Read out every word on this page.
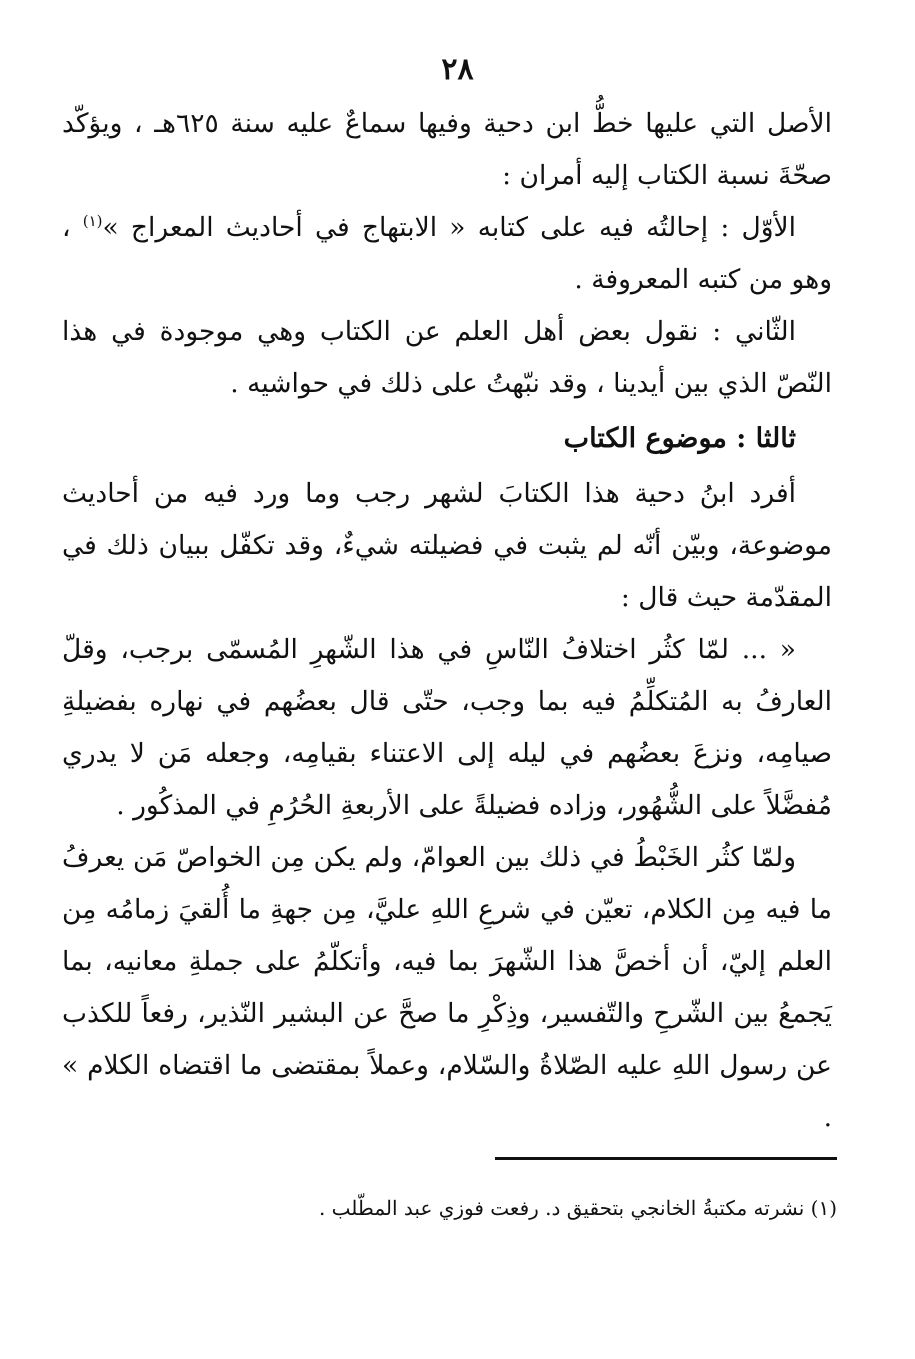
٢٨

الأصل التي عليها خطُّ ابن دحية وفيها سماعٌ عليه سنة ٦٢٥هـ ، ويؤكّد صحّةَ نسبة الكتاب إليه أمران :

الأوّل : إحالتُه فيه على كتابه « الابتهاج في أحاديث المعراج »$^{(١)}$ ، وهو من كتبه المعروفة .

الثّاني : نقول بعض أهل العلم عن الكتاب وهي موجودة في هذا النّصّ الذي بين أيدينا ، وقد نبّهتُ على ذلك في حواشيه .

ثالثا : موضوع الكتاب

أفرد ابنُ دحية هذا الكتابَ لشهر رجب وما ورد فيه من أحاديث موضوعة، وبيّن أنّه لم يثبت في فضيلته شيءٌ، وقد تكفّل ببيان ذلك في المقدّمة حيث قال :

« ... لمّا كثُر اختلافُ النّاسِ في هذا الشّهرِ المُسمّى برجب، وقلّ العارفُ به المُتكلِّمُ فيه بما وجب، حتّى قال بعضُهم في نهاره بفضيلةِ صيامِه، ونزعَ بعضُهم في ليله إلى الاعتناء بقيامِه، وجعله مَن لا يدري مُفضَّلاً على الشُّهُور، وزاده فضيلةً على الأربعةِ الحُرُمِ في المذكُور .

ولمّا كثُر الخَبْطُ في ذلك بين العوامّ، ولم يكن مِن الخواصّ مَن يعرفُ ما فيه مِن الكلام، تعيّن في شرعِ اللهِ عليَّ، مِن جهةِ ما أُلقيَ زمامُه مِن العلم إليّ، أن أخصَّ هذا الشّهرَ بما فيه، وأتكلّمُ على جملةِ معانيه، بما يَجمعُ بين الشّرحِ والتّفسير، وذِكْرِ ما صحَّ عن البشير النّذير، رفعاً للكذب عن رسول اللهِ عليه الصّلاةُ والسّلام، وعملاً بمقتضى ما اقتضاه الكلام » .

(١) نشرته مكتبةُ الخانجي بتحقيق د. رفعت فوزي عبد المطّلب .
